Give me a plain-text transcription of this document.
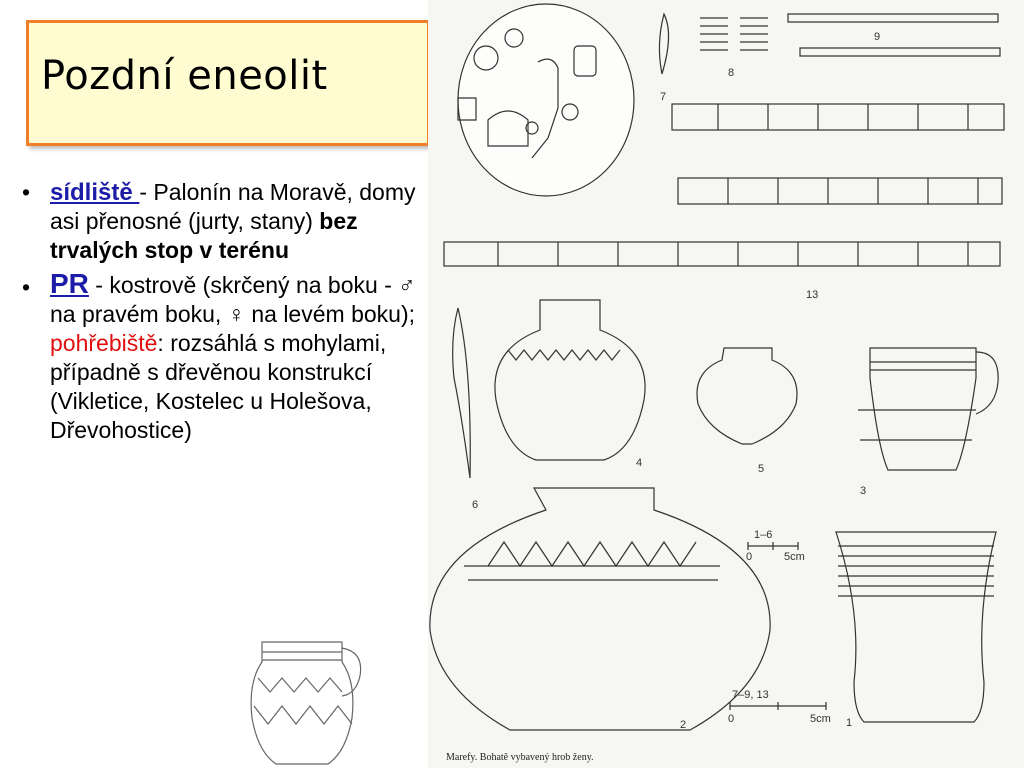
Pozdní eneolit
• sídliště - Palonín na Moravě, domy asi přenosné (jurty, stany) bez trvalých stop v terénu
• PR - kostrově (skrčený na boku - ♂ na pravém boku, ♀ na levém boku); pohřebiště: rozsáhlá s mohylami, případně s dřevěnou konstrukcí (Vikletice, Kostelec u Holešova, Dřevohostice)
9
8
7
13
4	5
3
6
2	1
1–6
0	5cm
7–9, 13
0	5cm
Marefy. Bohatě vybavený hrob ženy.
